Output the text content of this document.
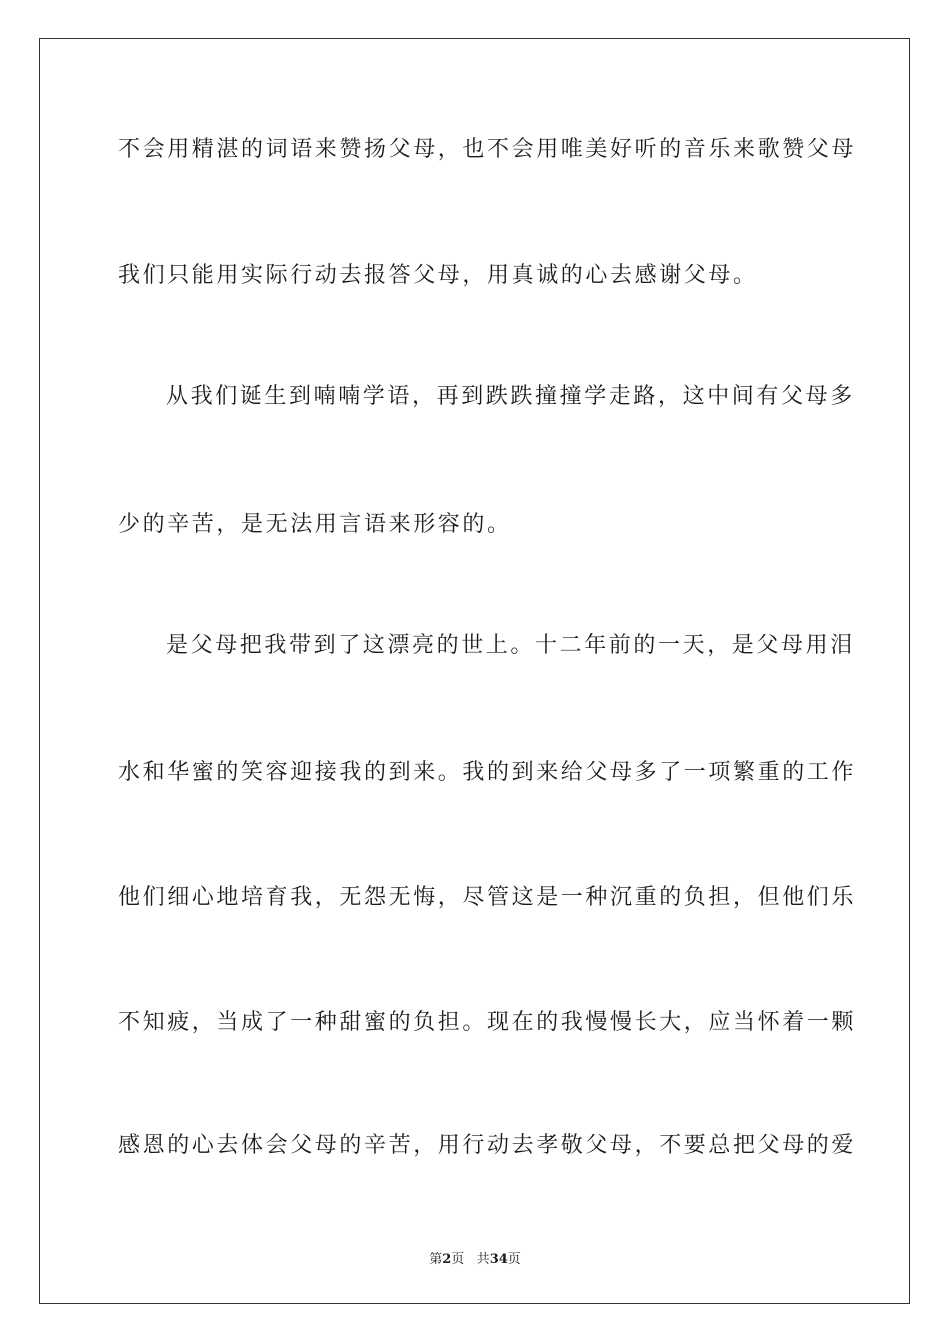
不会用精湛的词语来赞扬父母，也不会用唯美好听的音乐来歌赞父母

我们只能用实际行动去报答父母，用真诚的心去感谢父母。

从我们诞生到喃喃学语，再到跌跌撞撞学走路，这中间有父母多

少的辛苦，是无法用言语来形容的。

是父母把我带到了这漂亮的世上。十二年前的一天，是父母用泪

水和华蜜的笑容迎接我的到来。我的到来给父母多了一项繁重的工作

他们细心地培育我，无怨无悔，尽管这是一种沉重的负担，但他们乐

不知疲，当成了一种甜蜜的负担。现在的我慢慢长大，应当怀着一颗

感恩的心去体会父母的辛苦，用行动去孝敬父母，不要总把父母的爱

第2页 共34页
